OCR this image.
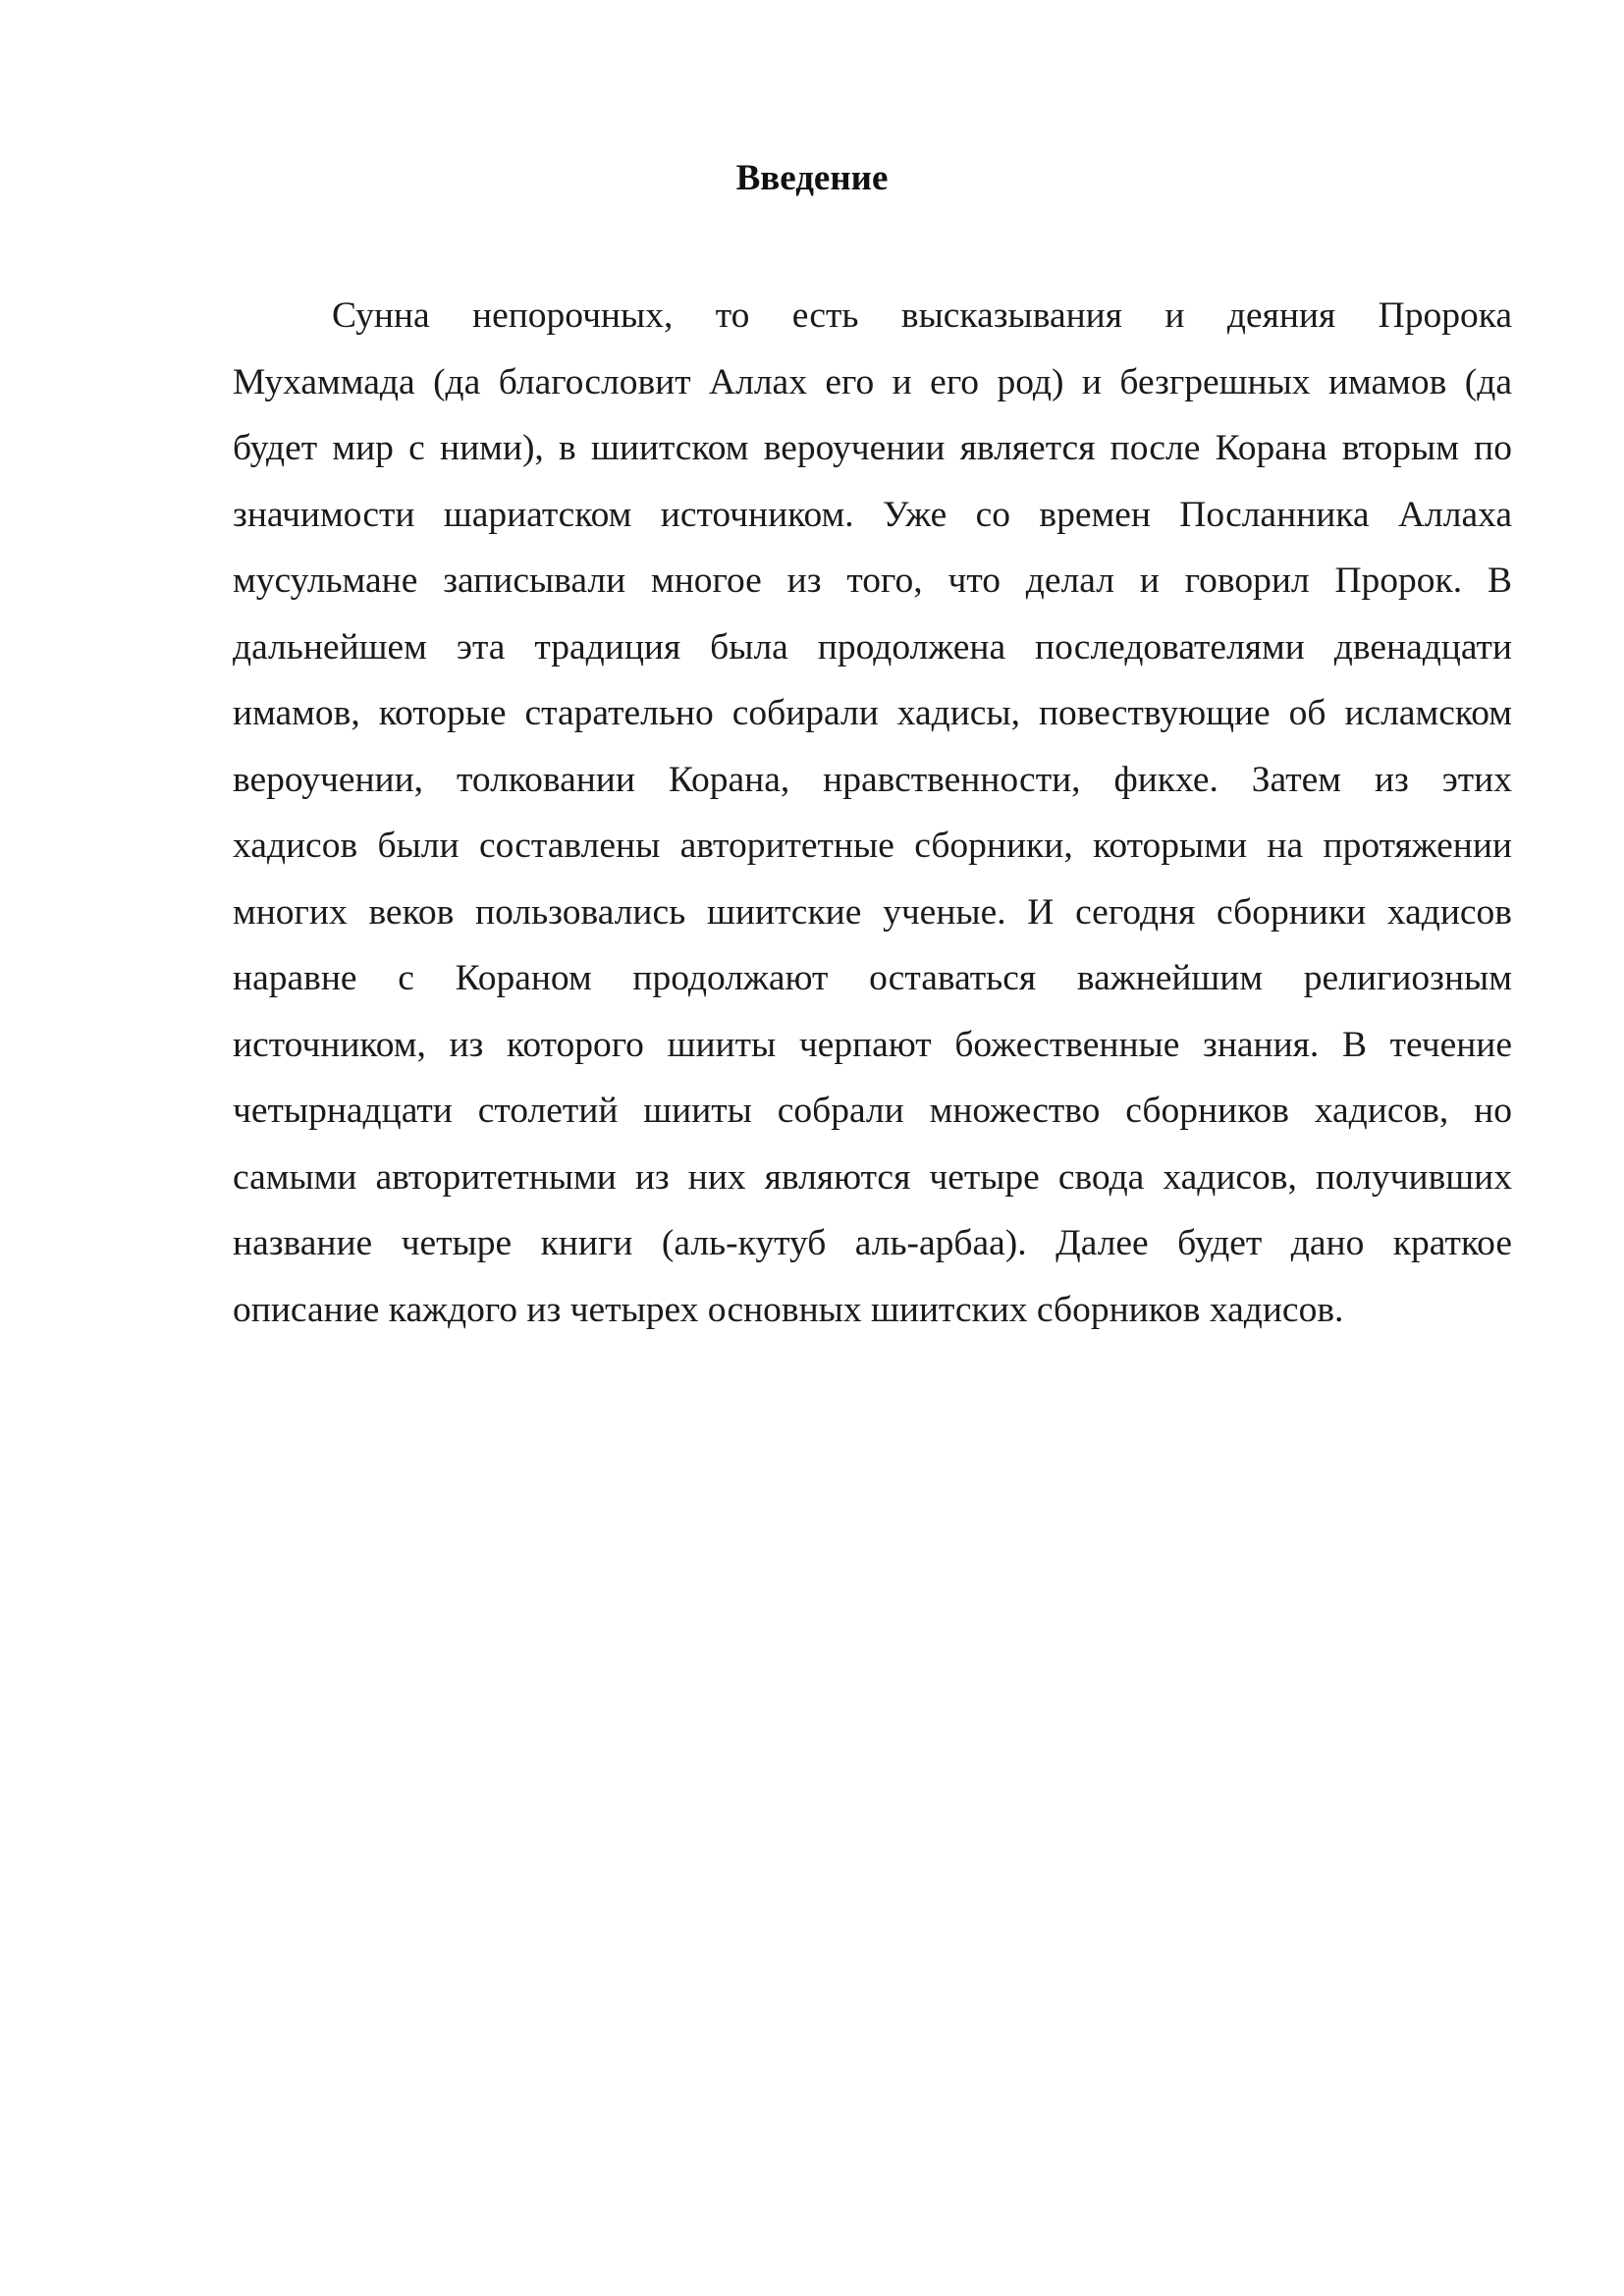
Введение

Сунна непорочных, то есть высказывания и деяния Пророка
Мухаммада (да благословит Аллах его и его род) и безгрешных имамов (да
будет мир с ними), в шиитском вероучении является после Корана вторым по
значимости шариатском источником. Уже со времен Посланника Аллаха
мусульмане записывали многое из того, что делал и говорил Пророк. В
дальнейшем эта традиция была продолжена последователями двенадцати
имамов, которые старательно собирали хадисы, повествующие об исламском
вероучении, толковании Корана, нравственности, фикхе. Затем из этих
хадисов были составлены авторитетные сборники, которыми на протяжении
многих веков пользовались шиитские ученые. И сегодня сборники хадисов
наравне с Кораном продолжают оставаться важнейшим религиозным
источником, из которого шииты черпают божественные знания. В течение
четырнадцати столетий шииты собрали множество сборников хадисов, но
самыми авторитетными из них являются четыре свода хадисов, получивших
название четыре книги (аль-кутуб аль-арбаа). Далее будет дано краткое
описание каждого из четырех основных шиитских сборников хадисов.
